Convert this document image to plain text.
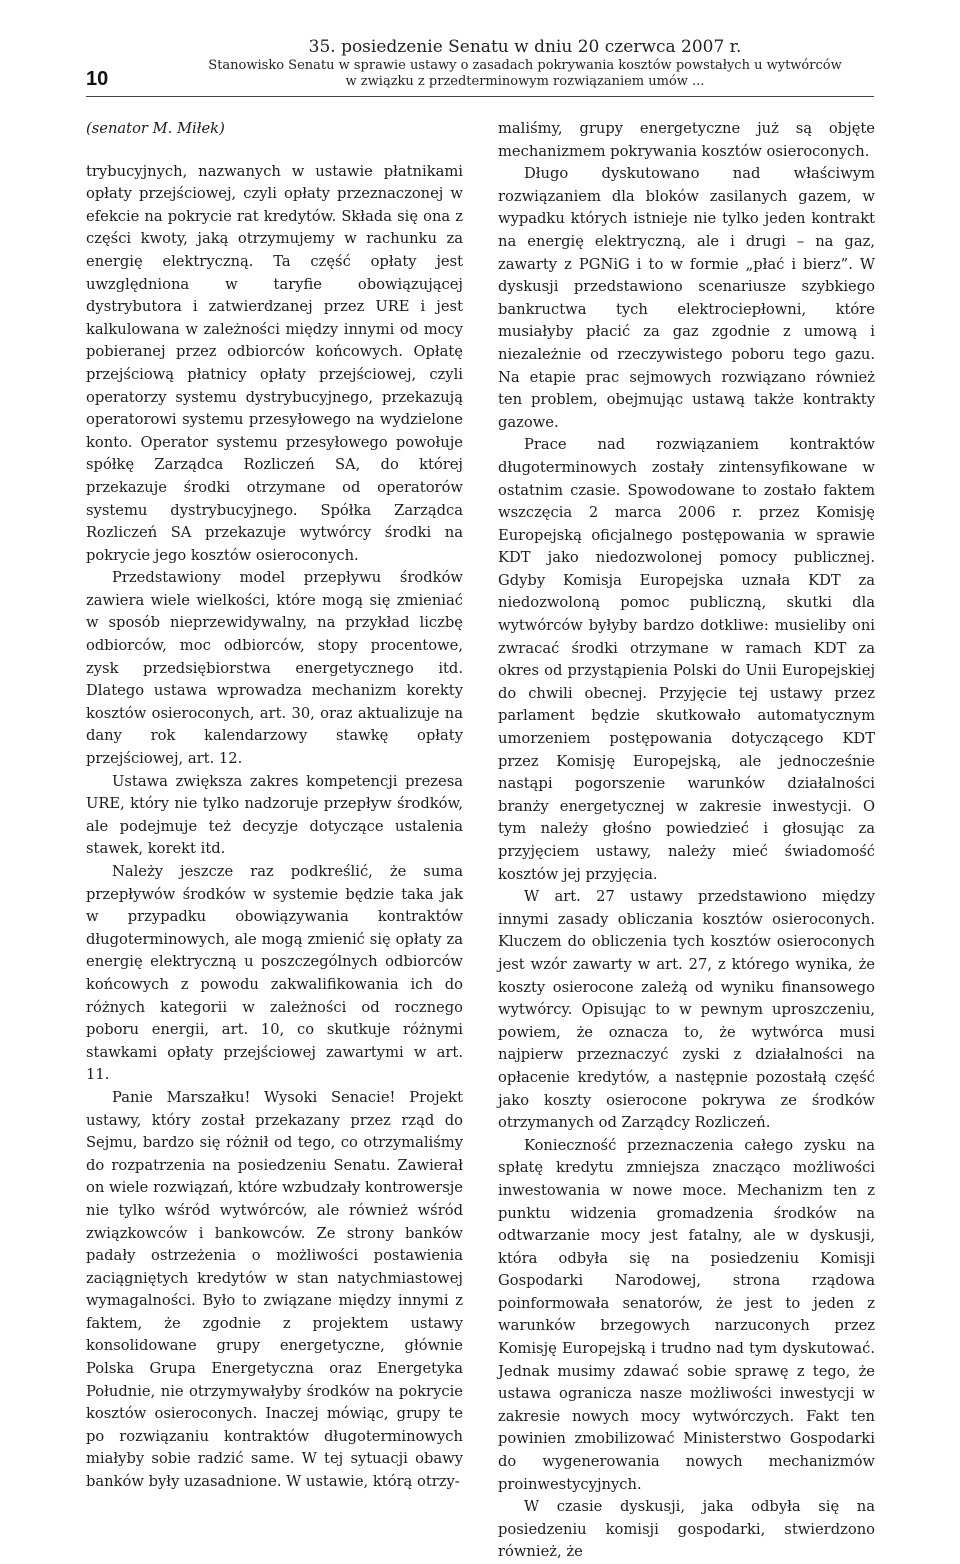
10
35. posiedzenie Senatu w dniu 20 czerwca 2007 r.
Stanowisko Senatu w sprawie ustawy o zasadach pokrywania kosztów powstałych u wytwórców
w związku z przedterminowym rozwiązaniem umów ...

(senator M. Miłek)

trybucyjnych, nazwanych w ustawie płatnikami opłaty przejściowej, czyli opłaty przeznaczonej w efekcie na pokrycie rat kredytów. Składa się ona z części kwoty, jaką otrzymujemy w rachunku za energię elektryczną. Ta część opłaty jest uwzględniona w taryfie obowiązującej dystrybutora i zatwierdzanej przez URE i jest kalkulowana w zależności między innymi od mocy pobieranej przez odbiorców końcowych. Opłatę przejściową płatnicy opłaty przejściowej, czyli operatorzy systemu dystrybucyjnego, przekazują operatorowi systemu przesyłowego na wydzielone konto. Operator systemu przesyłowego powołuje spółkę Zarządca Rozliczeń SA, do której przekazuje środki otrzymane od operatorów systemu dystrybucyjnego. Spółka Zarządca Rozliczeń SA przekazuje wytwórcy środki na pokrycie jego kosztów osieroconych.

Przedstawiony model przepływu środków zawiera wiele wielkości, które mogą się zmieniać w sposób nieprzewidywalny, na przykład liczbę odbiorców, moc odbiorców, stopy procentowe, zysk przedsiębiorstwa energetycznego itd. Dlatego ustawa wprowadza mechanizm korekty kosztów osieroconych, art. 30, oraz aktualizuje na dany rok kalendarzowy stawkę opłaty przejściowej, art. 12.

Ustawa zwiększa zakres kompetencji prezesa URE, który nie tylko nadzoruje przepływ środków, ale podejmuje też decyzje dotyczące ustalenia stawek, korekt itd.

Należy jeszcze raz podkreślić, że suma przepływów środków w systemie będzie taka jak w przypadku obowiązywania kontraktów długoterminowych, ale mogą zmienić się opłaty za energię elektryczną u poszczególnych odbiorców końcowych z powodu zakwalifikowania ich do różnych kategorii w zależności od rocznego poboru energii, art. 10, co skutkuje różnymi stawkami opłaty przejściowej zawartymi w art. 11.

Panie Marszałku! Wysoki Senacie! Projekt ustawy, który został przekazany przez rząd do Sejmu, bardzo się różnił od tego, co otrzymaliśmy do rozpatrzenia na posiedzeniu Senatu. Zawierał on wiele rozwiązań, które wzbudzały kontrowersje nie tylko wśród wytwórców, ale również wśród związkowców i bankowców. Ze strony banków padały ostrzeżenia o możliwości postawienia zaciągniętych kredytów w stan natychmiastowej wymagalności. Było to związane między innymi z faktem, że zgodnie z projektem ustawy konsolidowane grupy energetyczne, głównie Polska Grupa Energetyczna oraz Energetyka Południe, nie otrzymywałyby środków na pokrycie kosztów osieroconych. Inaczej mówiąc, grupy te po rozwiązaniu kontraktów długoterminowych miałyby sobie radzić same. W tej sytuacji obawy banków były uzasadnione. W ustawie, którą otrzy-

maliśmy, grupy energetyczne już są objęte mechanizmem pokrywania kosztów osieroconych.

Długo dyskutowano nad właściwym rozwiązaniem dla bloków zasilanych gazem, w wypadku których istnieje nie tylko jeden kontrakt na energię elektryczną, ale i drugi – na gaz, zawarty z PGNiG i to w formie „płać i bierz”. W dyskusji przedstawiono scenariusze szybkiego bankructwa tych elektrociepłowni, które musiałyby płacić za gaz zgodnie z umową i niezależnie od rzeczywistego poboru tego gazu. Na etapie prac sejmowych rozwiązano również ten problem, obejmując ustawą także kontrakty gazowe.

Prace nad rozwiązaniem kontraktów długoterminowych zostały zintensyfikowane w ostatnim czasie. Spowodowane to zostało faktem wszczęcia 2 marca 2006 r. przez Komisję Europejską oficjalnego postępowania w sprawie KDT jako niedozwolonej pomocy publicznej. Gdyby Komisja Europejska uznała KDT za niedozwoloną pomoc publiczną, skutki dla wytwórców byłyby bardzo dotkliwe: musieliby oni zwracać środki otrzymane w ramach KDT za okres od przystąpienia Polski do Unii Europejskiej do chwili obecnej. Przyjęcie tej ustawy przez parlament będzie skutkowało automatycznym umorzeniem postępowania dotyczącego KDT przez Komisję Europejską, ale jednocześnie nastąpi pogorszenie warunków działalności branży energetycznej w zakresie inwestycji. O tym należy głośno powiedzieć i głosując za przyjęciem ustawy, należy mieć świadomość kosztów jej przyjęcia.

W art. 27 ustawy przedstawiono między innymi zasady obliczania kosztów osieroconych. Kluczem do obliczenia tych kosztów osieroconych jest wzór zawarty w art. 27, z którego wynika, że koszty osierocone zależą od wyniku finansowego wytwórcy. Opisując to w pewnym uproszczeniu, powiem, że oznacza to, że wytwórca musi najpierw przeznaczyć zyski z działalności na opłacenie kredytów, a następnie pozostałą część jako koszty osierocone pokrywa ze środków otrzymanych od Zarządcy Rozliczeń.

Konieczność przeznaczenia całego zysku na spłatę kredytu zmniejsza znacząco możliwości inwestowania w nowe moce. Mechanizm ten z punktu widzenia gromadzenia środków na odtwarzanie mocy jest fatalny, ale w dyskusji, która odbyła się na posiedzeniu Komisji Gospodarki Narodowej, strona rządowa poinformowała senatorów, że jest to jeden z warunków brzegowych narzuconych przez Komisję Europejską i trudno nad tym dyskutować. Jednak musimy zdawać sobie sprawę z tego, że ustawa ogranicza nasze możliwości inwestycji w zakresie nowych mocy wytwórczych. Fakt ten powinien zmobilizować Ministerstwo Gospodarki do wygenerowania nowych mechanizmów proinwestycyjnych.

W czasie dyskusji, jaka odbyła się na posiedzeniu komisji gospodarki, stwierdzono również, że
